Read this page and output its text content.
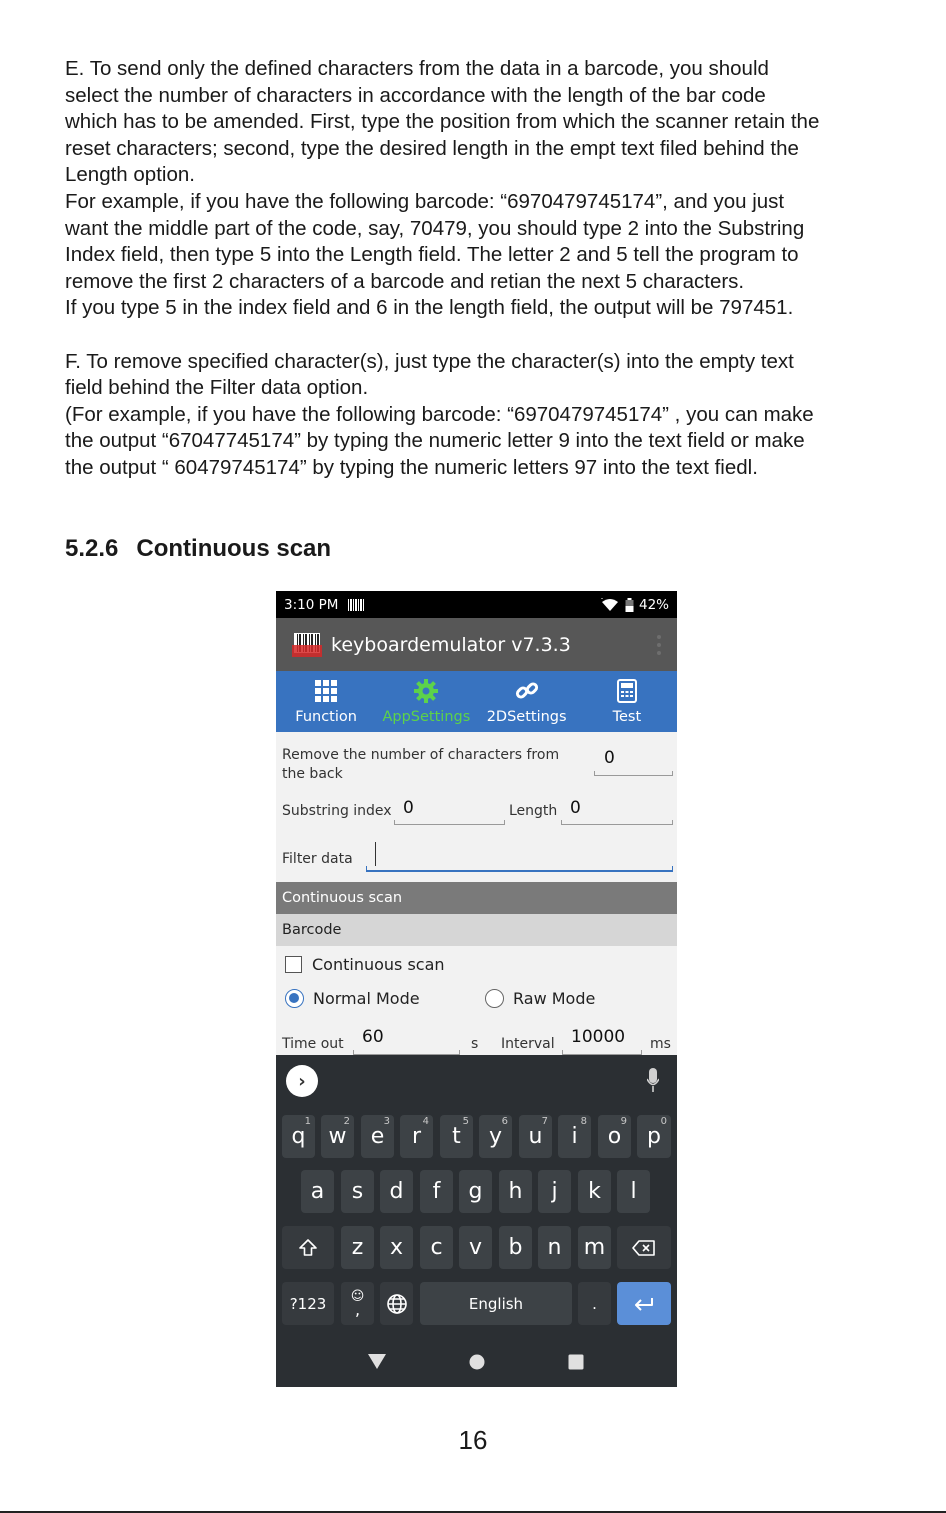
E. To send only the defined characters from the data in a barcode, you should

select the number of characters in accordance with the length of the bar code

which has to be amended. First, type the position from which the scanner retain the

reset characters; second, type the desired length in the empt text filed behind the

Length option.

For example, if you have the following barcode: “6970479745174”, and you just

want the middle part of the code, say, 70479, you should type 2 into the Substring

Index field, then type 5 into the Length field. The letter 2 and 5 tell the program to

remove the first 2 characters of a barcode and retian the next 5 characters.

If you type 5 in the index field and 6 in the length field, the output will be 797451.

F. To remove specified character(s), just type the character(s) into the empty text

field behind the Filter data option.

(For example, if you have the following barcode: “6970479745174” , you can make

the output “67047745174” by typing the numeric letter 9 into the text field or make

the output “ 60479745174” by typing the numeric letters 97 into the text fiedl.

5.2.6 Continuous scan
3:10 PM	42%
keyboardemulator v7.3.3
Function AppSettings 2DSettings	Test
Remove the number of characters from the back
0
Substring index 0	Length 0
Filter data
Continuous scan
Barcode
Continuous scan
Normal Mode	Raw Mode
Time out	60	s Interval 10000	ms
›
q
1
w
2
e
3
r
4
t
5
y
6
u
7
i
8
o
9
p
0
a	s	d	f	g	h	j	k	l
z	x	c	v	b	n	m
?123	☺
,	English	.
16
